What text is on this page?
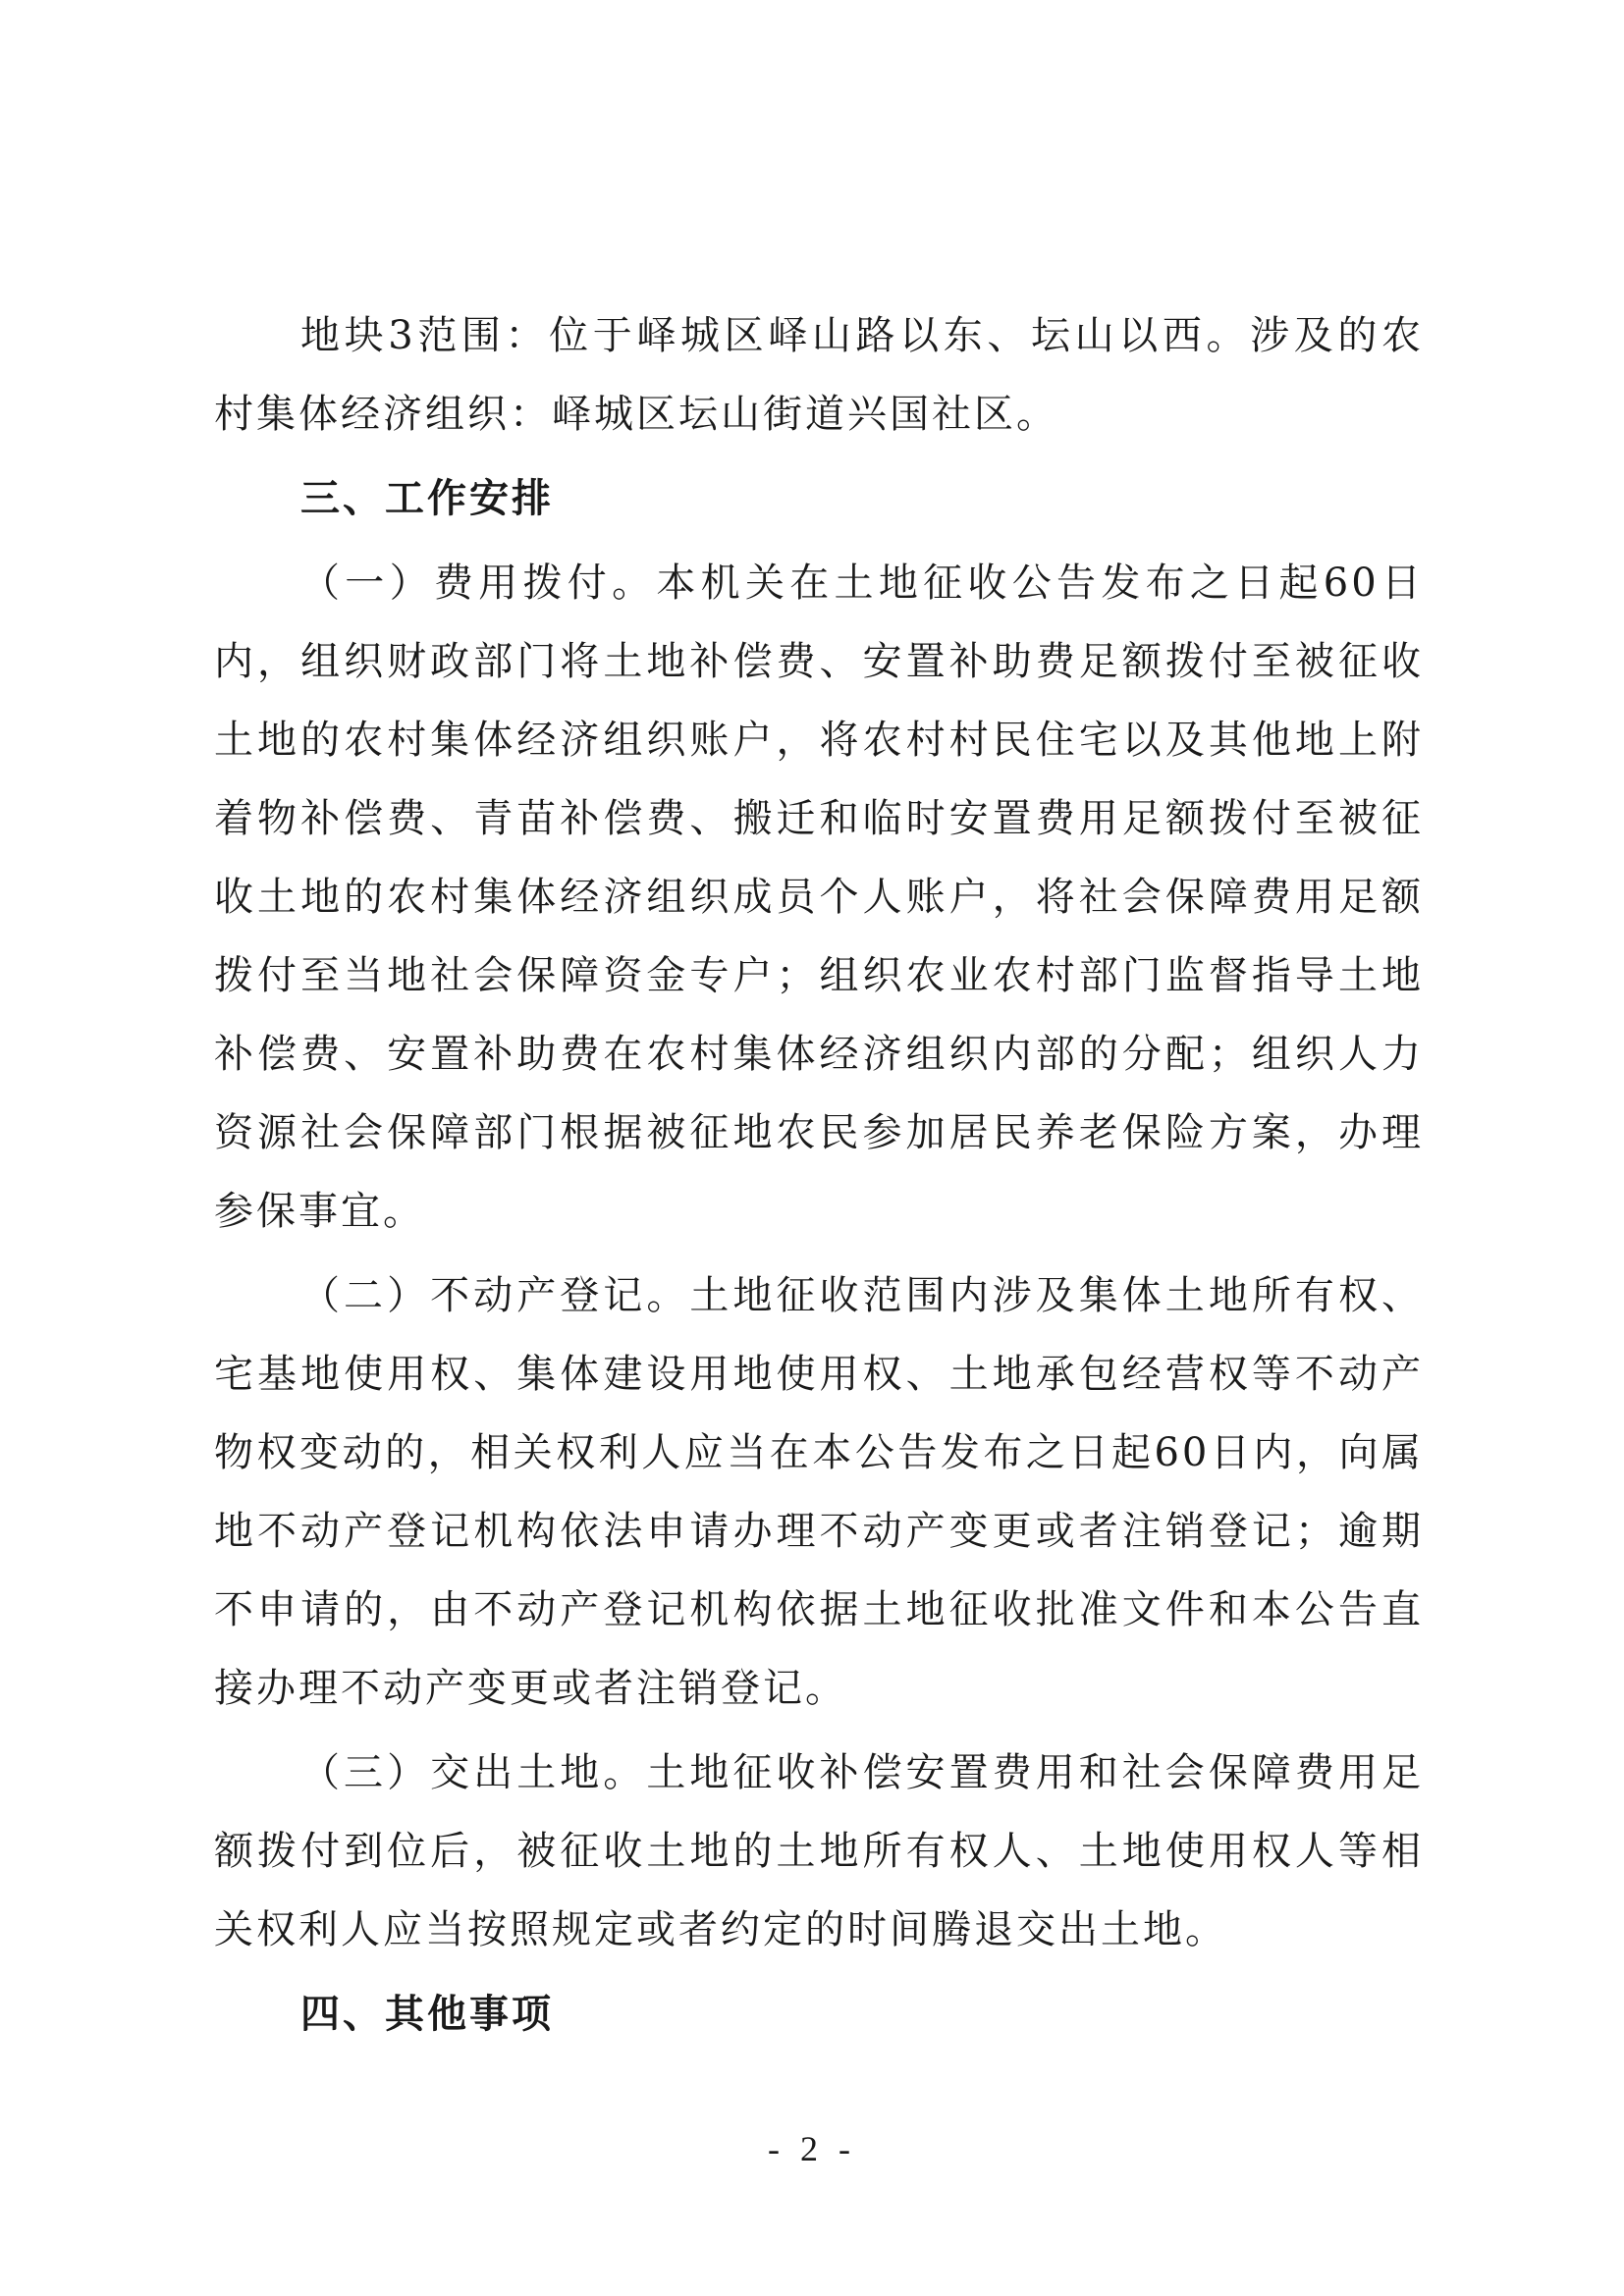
地块3范围：位于峄城区峄山路以东、坛山以西。涉及的农村集体经济组织：峄城区坛山街道兴国社区。

三、工作安排

（一）费用拨付。本机关在土地征收公告发布之日起60日内，组织财政部门将土地补偿费、安置补助费足额拨付至被征收土地的农村集体经济组织账户，将农村村民住宅以及其他地上附着物补偿费、青苗补偿费、搬迁和临时安置费用足额拨付至被征收土地的农村集体经济组织成员个人账户，将社会保障费用足额拨付至当地社会保障资金专户；组织农业农村部门监督指导土地补偿费、安置补助费在农村集体经济组织内部的分配；组织人力资源社会保障部门根据被征地农民参加居民养老保险方案，办理参保事宜。

（二）不动产登记。土地征收范围内涉及集体土地所有权、宅基地使用权、集体建设用地使用权、土地承包经营权等不动产物权变动的，相关权利人应当在本公告发布之日起60日内，向属地不动产登记机构依法申请办理不动产变更或者注销登记；逾期不申请的，由不动产登记机构依据土地征收批准文件和本公告直接办理不动产变更或者注销登记。

（三）交出土地。土地征收补偿安置费用和社会保障费用足额拨付到位后，被征收土地的土地所有权人、土地使用权人等相关权利人应当按照规定或者约定的时间腾退交出土地。

四、其他事项

- 2 -
